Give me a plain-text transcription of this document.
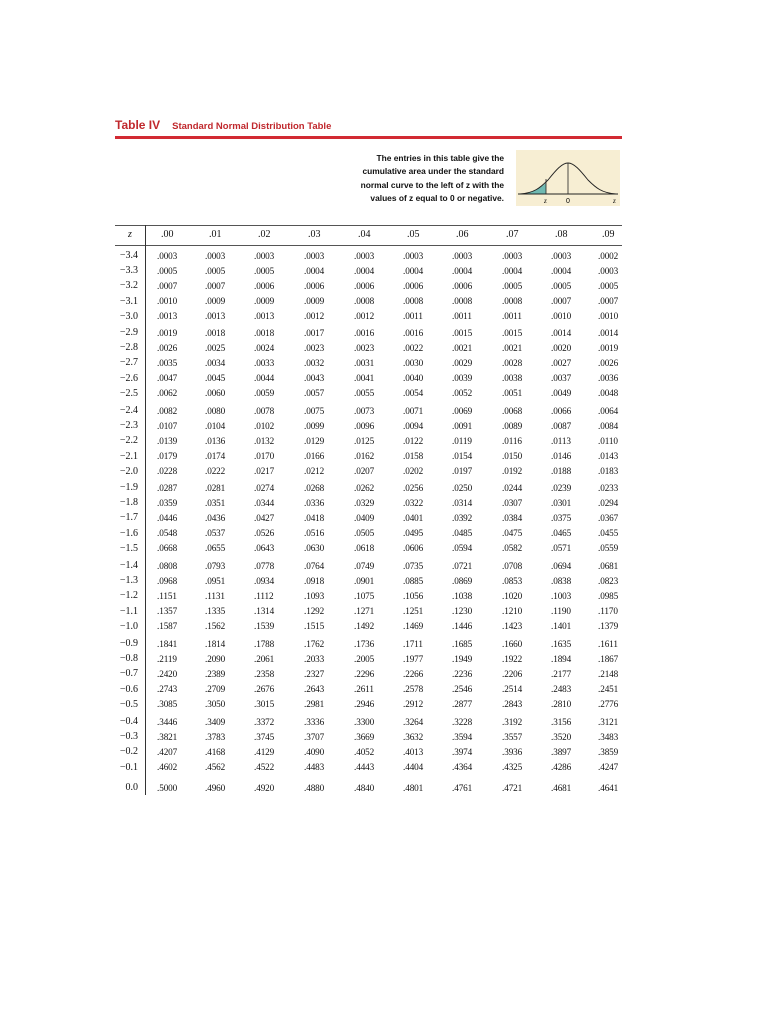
Table IV Standard Normal Distribution Table
The entries in this table give the cumulative area under the standard normal curve to the left of z with the values of z equal to 0 or negative.	z	0	z
z	.00	.01	.02	.03	.04	.05	.06	.07	.08	.09
−3.4 .0003	.0003	.0003	.0003	.0003	.0003	.0003	.0003	.0003	.0002
−3.3 .0005	.0005	.0005	.0004	.0004	.0004	.0004	.0004	.0004	.0003
−3.2 .0007	.0007	.0006	.0006	.0006	.0006	.0006	.0005	.0005	.0005
−3.1 .0010	.0009	.0009	.0009	.0008	.0008	.0008	.0008	.0007	.0007
−3.0 .0013	.0013	.0013	.0012	.0012	.0011	.0011	.0011	.0010	.0010
−2.9 .0019	.0018	.0018	.0017	.0016	.0016	.0015	.0015	.0014	.0014
−2.8 .0026	.0025	.0024	.0023	.0023	.0022	.0021	.0021	.0020	.0019
−2.7 .0035	.0034	.0033	.0032	.0031	.0030	.0029	.0028	.0027	.0026
−2.6 .0047	.0045	.0044	.0043	.0041	.0040	.0039	.0038	.0037	.0036
−2.5 .0062	.0060	.0059	.0057	.0055	.0054	.0052	.0051	.0049	.0048
−2.4 .0082	.0080	.0078	.0075	.0073	.0071	.0069	.0068	.0066	.0064
−2.3 .0107	.0104	.0102	.0099	.0096	.0094	.0091	.0089	.0087	.0084
−2.2 .0139	.0136	.0132	.0129	.0125	.0122	.0119	.0116	.0113	.0110
−2.1 .0179	.0174	.0170	.0166	.0162	.0158	.0154	.0150	.0146	.0143
−2.0 .0228	.0222	.0217	.0212	.0207	.0202	.0197	.0192	.0188	.0183
−1.9 .0287	.0281	.0274	.0268	.0262	.0256	.0250	.0244	.0239	.0233
−1.8 .0359	.0351	.0344	.0336	.0329	.0322	.0314	.0307	.0301	.0294
−1.7 .0446	.0436	.0427	.0418	.0409	.0401	.0392	.0384	.0375	.0367
−1.6 .0548	.0537	.0526	.0516	.0505	.0495	.0485	.0475	.0465	.0455
−1.5 .0668	.0655	.0643	.0630	.0618	.0606	.0594	.0582	.0571	.0559
−1.4 .0808	.0793	.0778	.0764	.0749	.0735	.0721	.0708	.0694	.0681
−1.3 .0968	.0951	.0934	.0918	.0901	.0885	.0869	.0853	.0838	.0823
−1.2 .1151	.1131	.1112	.1093	.1075	.1056	.1038	.1020	.1003	.0985
−1.1 .1357	.1335	.1314	.1292	.1271	.1251	.1230	.1210	.1190	.1170
−1.0 .1587	.1562	.1539	.1515	.1492	.1469	.1446	.1423	.1401	.1379
−0.9 .1841	.1814	.1788	.1762	.1736	.1711	.1685	.1660	.1635	.1611
−0.8 .2119	.2090	.2061	.2033	.2005	.1977	.1949	.1922	.1894	.1867
−0.7 .2420	.2389	.2358	.2327	.2296	.2266	.2236	.2206	.2177	.2148
−0.6 .2743	.2709	.2676	.2643	.2611	.2578	.2546	.2514	.2483	.2451
−0.5 .3085	.3050	.3015	.2981	.2946	.2912	.2877	.2843	.2810	.2776
−0.4 .3446	.3409	.3372	.3336	.3300	.3264	.3228	.3192	.3156	.3121
−0.3 .3821	.3783	.3745	.3707	.3669	.3632	.3594	.3557	.3520	.3483
−0.2 .4207	.4168	.4129	.4090	.4052	.4013	.3974	.3936	.3897	.3859
−0.1 .4602	.4562	.4522	.4483	.4443	.4404	.4364	.4325	.4286	.4247
0.0 .5000	.4960	.4920	.4880	.4840	.4801	.4761	.4721	.4681	.4641
